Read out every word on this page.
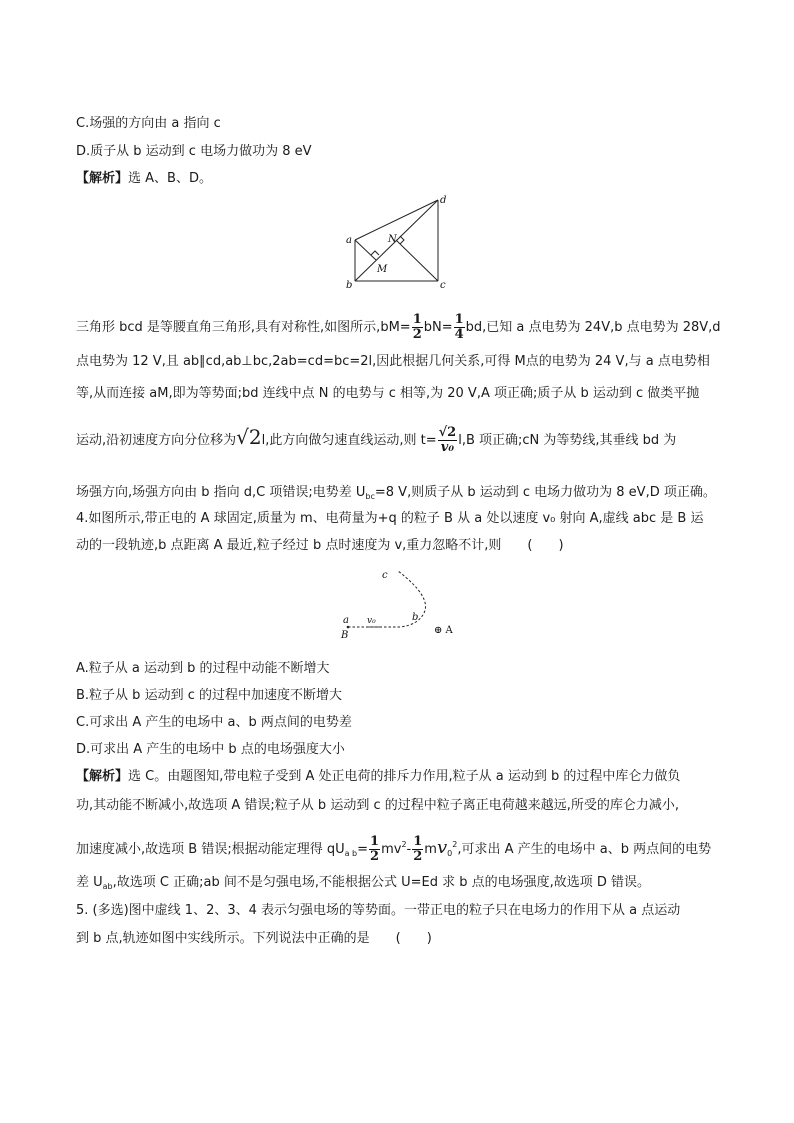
C.场强的方向由 a 指向 c
D.质子从 b 运动到 c 电场力做功为 8 eV
【解析】选 A、B、D。
a
b	c
d
M
N
三角形 bcd 是等腰直角三角形,具有对称性,如图所示$,bM= \frac{1}{2} bN= \frac{1}{4}$ bd,已知 a 点电势为 24V,b 点电势为 28V,d
点电势为 12 V,且 ab∥cd,ab⊥bc,2ab=cd=bc=2l,因此根据几何关系,可得 M点的电势为 24 V,与 a 点电势相
等,从而连接 aM,即为等势面;bd 连线中点 N 的电势与 c 相等,为 20 V,A 项正确;质子从 b 运动到 c 做类平抛
运动,沿初速度方向分位移为√2l,此方向做匀速直线运动,则 $t= \frac{√2}{\text{v₀}} l,B$ 项正确;cN 为等势线,其垂线 bd 为
场强方向,场强方向由 b 指向 d,C 项错误;电势差 $U_{bc}=8$ V,则质子从 b 运动到 c 电场力做功为 8 eV,D 项正确。
4.如图所示,带正电的 A 球固定,质量为 m、电荷量为+q 的粒子 B 从 a 处以速度 v₀ 射向 A,虚线 abc 是 B 运
动的一段轨迹,b 点距离 A 最近,粒子经过 b 点时速度为 v,重力忽略不计,则　　(　　)
a
B
v₀	b
c
⊕ A
A.粒子从 a 运动到 b 的过程中动能不断增大
B.粒子从 b 运动到 c 的过程中加速度不断增大
C.可求出 A 产生的电场中 a、b 两点间的电势差
D.可求出 A 产生的电场中 b 点的电场强度大小
【解析】选 C。由题图知,带电粒子受到 A 处正电荷的排斥力作用,粒子从 a 运动到 b 的过程中库仑力做负
功,其动能不断减小,故选项 A 错误;粒子从 b 运动到 c 的过程中粒子离正电荷越来越远,所受的库仑力减小,
加速度减小,故选项 B 错误;根据动能定理得 $qU_{a b}= \frac{1}{2} mv^2- \frac{1}{2} mv_0^2$,可求出 A 产生的电场中 a、b 两点间的电势
差 $U_{ab}$,故选项 C 正确;ab 间不是匀强电场,不能根据公式 U=Ed 求 b 点的电场强度,故选项 D 错误。
5. (多选)图中虚线 1、2、3、4 表示匀强电场的等势面。一带正电的粒子只在电场力的作用下从 a 点运动
到 b 点,轨迹如图中实线所示。下列说法中正确的是　　(　　)
